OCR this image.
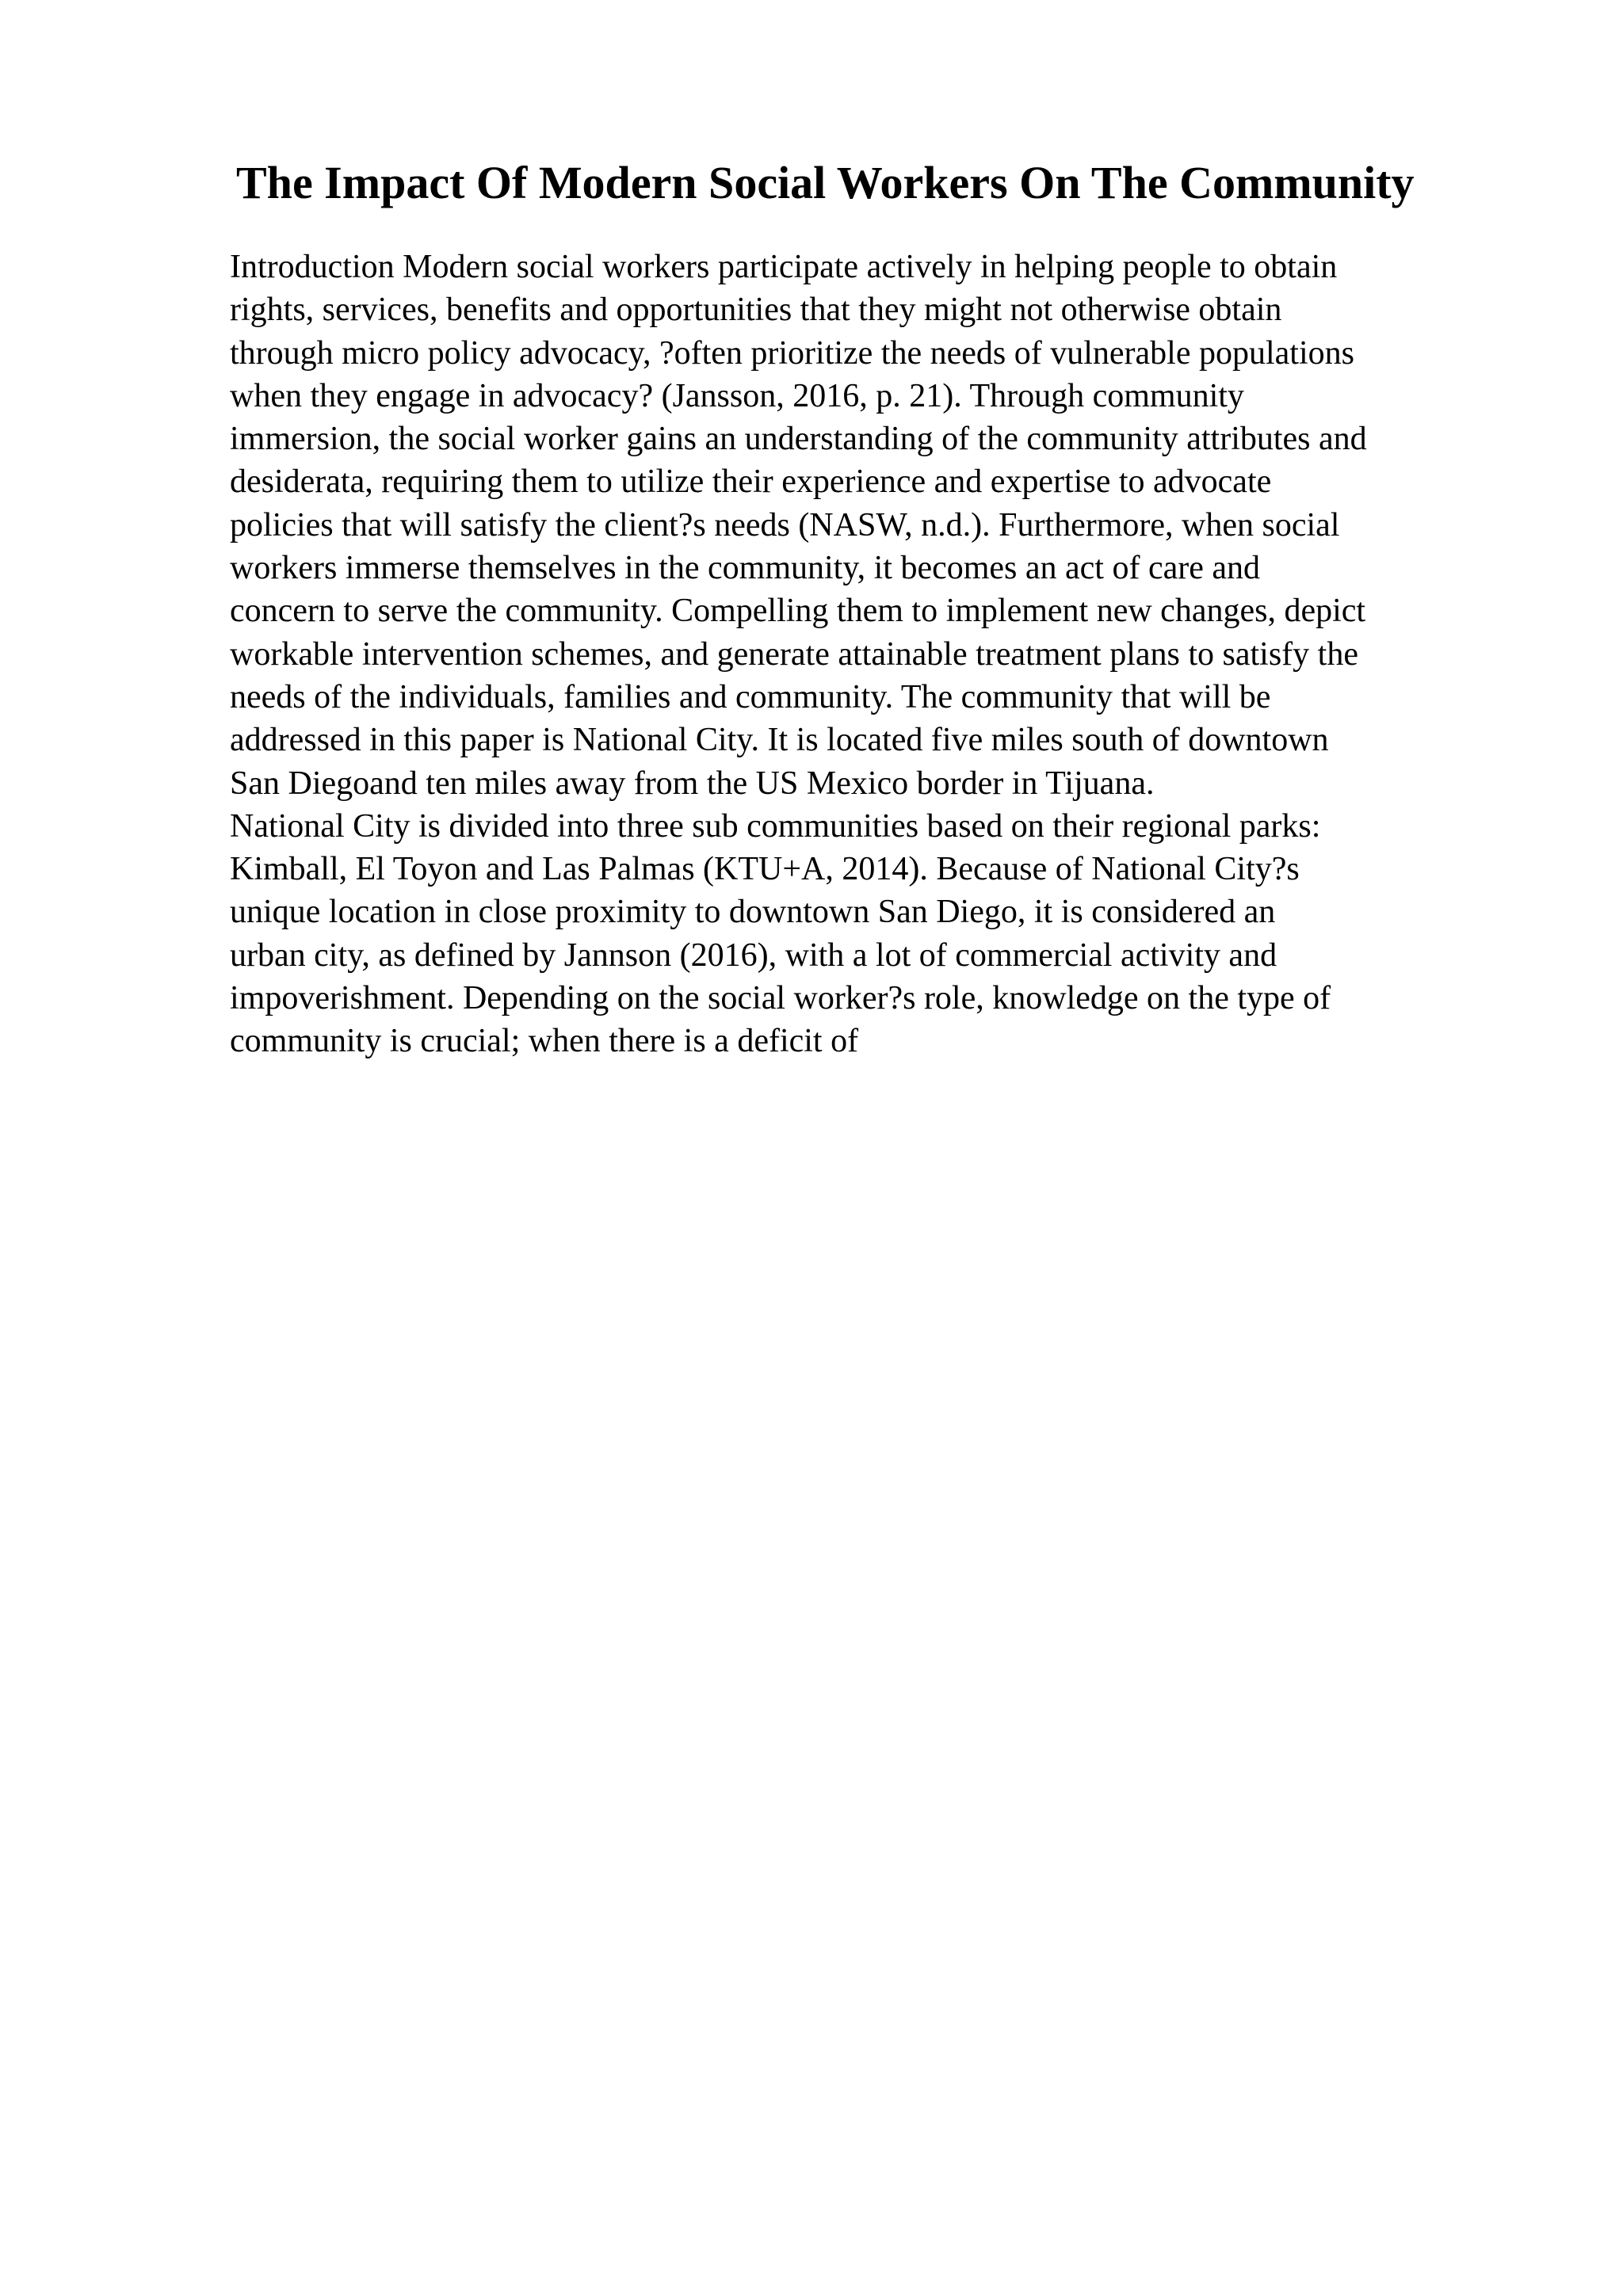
The Impact Of Modern Social Workers On The Community
Introduction Modern social workers participate actively in helping people to obtain
rights, services, benefits and opportunities that they might not otherwise obtain
through micro policy advocacy, ?often prioritize the needs of vulnerable populations
when they engage in advocacy? (Jansson, 2016, p. 21). Through community
immersion, the social worker gains an understanding of the community attributes and
desiderata, requiring them to utilize their experience and expertise to advocate
policies that will satisfy the client?s needs (NASW, n.d.). Furthermore, when social
workers immerse themselves in the community, it becomes an act of care and
concern to serve the community. Compelling them to implement new changes, depict
workable intervention schemes, and generate attainable treatment plans to satisfy the
needs of the individuals, families and community. The community that will be
addressed in this paper is National City. It is located five miles south of downtown
San Diegoand ten miles away from the US Mexico border in Tijuana.
National City is divided into three sub communities based on their regional parks:
Kimball, El Toyon and Las Palmas (KTU+A, 2014). Because of National City?s
unique location in close proximity to downtown San Diego, it is considered an
urban city, as defined by Jannson (2016), with a lot of commercial activity and
impoverishment. Depending on the social worker?s role, knowledge on the type of
community is crucial; when there is a deficit of
